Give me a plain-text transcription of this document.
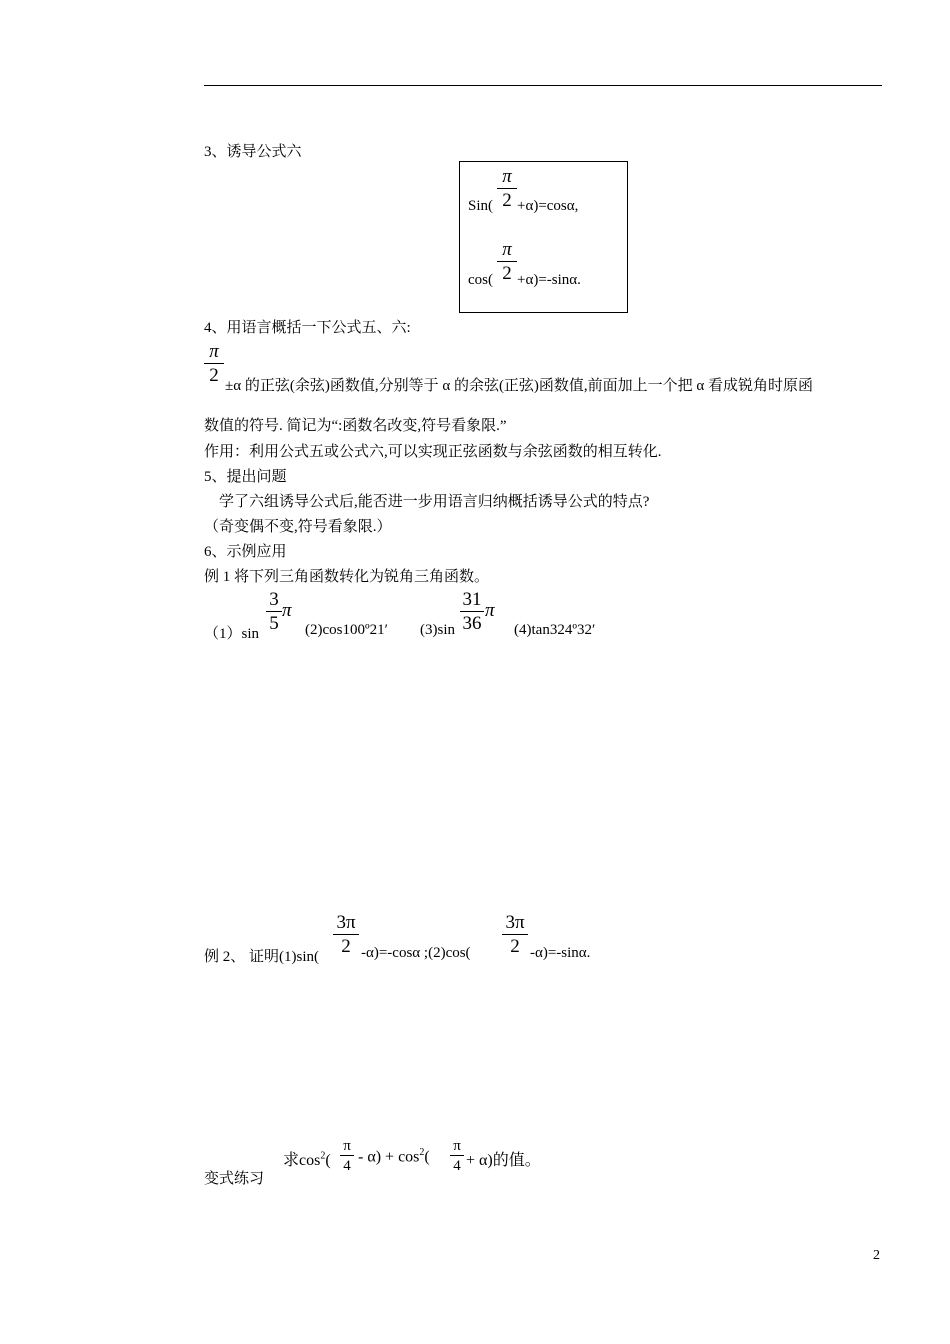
3、诱导公式六
Sin(
π
2 +α)=cosα,
cos(
π
2 +α)=-sinα.
4、用语言概括一下公式五、六:
π
2 ±α 的正弦(余弦)函数值,分别等于 α 的余弦(正弦)函数值,前面加上一个把 α 看成锐角时原函
数值的符号. 简记为“:函数名改变,符号看象限.”
作用：利用公式五或公式六,可以实现正弦函数与余弦函数的相互转化.
5、提出问题
学了六组诱导公式后,能否进一步用语言归纳概括诱导公式的特点?
（奇变偶不变,符号看象限.）
6、示例应用
例 1 将下列三角函数转化为锐角三角函数。
（1）sin
3
5
π
(2)cos100º21′ (3)sin
31
36
π
(4)tan324º32′
例 2、 证明(1)sin(
3π
2 -α)=-cosα ;(2)cos(
3π
2 -α)=-sinα.
变式练习
求$\cos^2$(
π
4
- $\alpha) + \cos^2$(
π
4 + α)的值。
2
